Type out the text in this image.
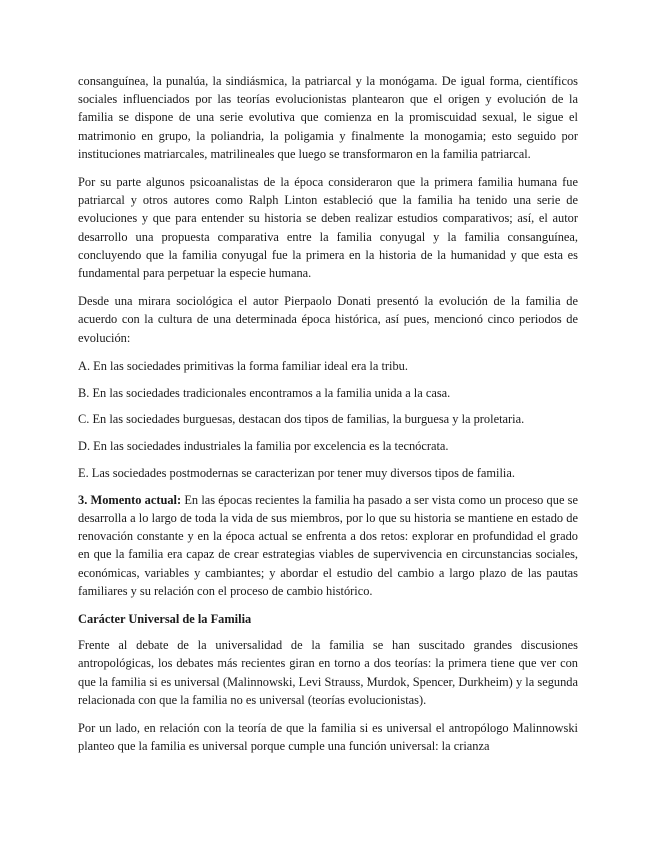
consanguínea, la punalúa, la sindiásmica, la patriarcal y la monógama. De igual forma, científicos sociales influenciados por las teorías evolucionistas plantearon que el origen y evolución de la familia se dispone de una serie evolutiva que comienza en la promiscuidad sexual, le sigue el matrimonio en grupo, la poliandria, la poligamia y finalmente la monogamia; esto seguido por instituciones matriarcales, matrilineales que luego se transformaron en la familia patriarcal.

Por su parte algunos psicoanalistas de la época consideraron que la primera familia humana fue patriarcal y otros autores como Ralph Linton estableció que la familia ha tenido una serie de evoluciones y que para entender su historia se deben realizar estudios comparativos; así, el autor desarrollo una propuesta comparativa entre la familia conyugal y la familia consanguínea, concluyendo que la familia conyugal fue la primera en la historia de la humanidad y que esta es fundamental para perpetuar la especie humana.

Desde una mirara sociológica el autor Pierpaolo Donati presentó la evolución de la familia de acuerdo con la cultura de una determinada época histórica, así pues, mencionó cinco periodos de evolución:

A. En las sociedades primitivas la forma familiar ideal era la tribu.

B. En las sociedades tradicionales encontramos a la familia unida a la casa.

C. En las sociedades burguesas, destacan dos tipos de familias, la burguesa y la proletaria.

D. En las sociedades industriales la familia por excelencia es la tecnócrata.

E. Las sociedades postmodernas se caracterizan por tener muy diversos tipos de familia.

3. Momento actual: En las épocas recientes la familia ha pasado a ser vista como un proceso que se desarrolla a lo largo de toda la vida de sus miembros, por lo que su historia se mantiene en estado de renovación constante y en la época actual se enfrenta a dos retos: explorar en profundidad el grado en que la familia era capaz de crear estrategias viables de supervivencia en circunstancias sociales, económicas, variables y cambiantes; y abordar el estudio del cambio a largo plazo de las pautas familiares y su relación con el proceso de cambio histórico.

Carácter Universal de la Familia

Frente al debate de la universalidad de la familia se han suscitado grandes discusiones antropológicas, los debates más recientes giran en torno a dos teorías: la primera tiene que ver con que la familia si es universal (Malinnowski, Levi Strauss, Murdok, Spencer, Durkheim) y la segunda relacionada con que la familia no es universal (teorías evolucionistas).

Por un lado, en relación con la teoría de que la familia si es universal el antropólogo Malinnowski planteo que la familia es universal porque cumple una función universal: la crianza
